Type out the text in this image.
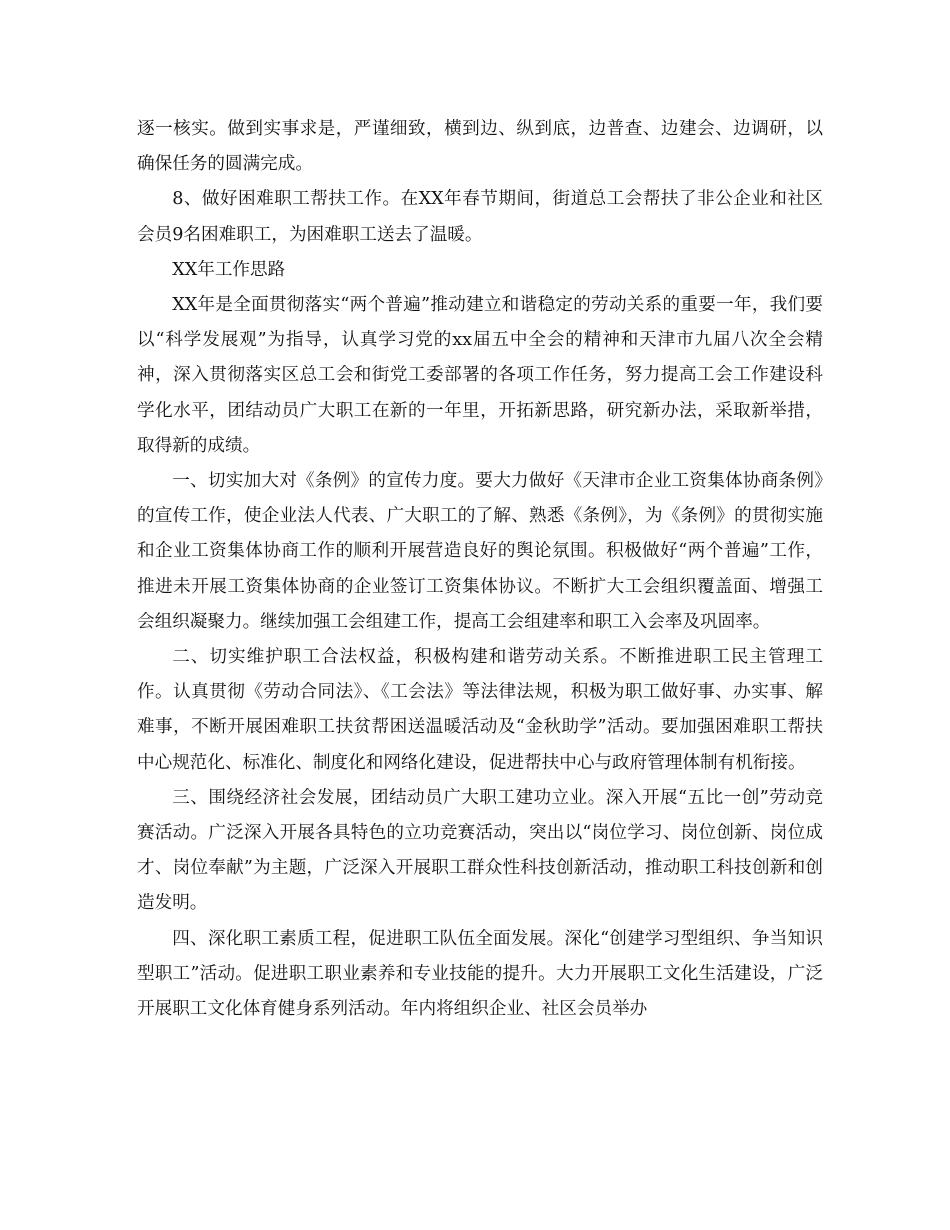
逐一核实。做到实事求是，严谨细致，横到边、纵到底，边普查、边建会、边调研，以确保任务的圆满完成。

8、做好困难职工帮扶工作。在XX年春节期间，街道总工会帮扶了非公企业和社区会员9名困难职工，为困难职工送去了温暖。

XX年工作思路

XX年是全面贯彻落实“两个普遍”推动建立和谐稳定的劳动关系的重要一年，我们要以“科学发展观”为指导，认真学习党的xx届五中全会的精神和天津市九届八次全会精神，深入贯彻落实区总工会和街党工委部署的各项工作任务，努力提高工会工作建设科学化水平，团结动员广大职工在新的一年里，开拓新思路，研究新办法，采取新举措，取得新的成绩。

一、切实加大对《条例》的宣传力度。要大力做好《天津市企业工资集体协商条例》的宣传工作，使企业法人代表、广大职工的了解、熟悉《条例》，为《条例》的贯彻实施和企业工资集体协商工作的顺利开展营造良好的舆论氛围。积极做好“两个普遍”工作，推进未开展工资集体协商的企业签订工资集体协议。不断扩大工会组织覆盖面、增强工会组织凝聚力。继续加强工会组建工作，提高工会组建率和职工入会率及巩固率。

二、切实维护职工合法权益，积极构建和谐劳动关系。不断推进职工民主管理工作。认真贯彻《劳动合同法》、《工会法》等法律法规，积极为职工做好事、办实事、解难事，不断开展困难职工扶贫帮困送温暖活动及“金秋助学”活动。要加强困难职工帮扶中心规范化、标准化、制度化和网络化建设，促进帮扶中心与政府管理体制有机衔接。

三、围绕经济社会发展，团结动员广大职工建功立业。深入开展“五比一创”劳动竞赛活动。广泛深入开展各具特色的立功竞赛活动，突出以“岗位学习、岗位创新、岗位成才、岗位奉献”为主题，广泛深入开展职工群众性科技创新活动，推动职工科技创新和创造发明。

四、深化职工素质工程，促进职工队伍全面发展。深化“创建学习型组织、争当知识型职工”活动。促进职工职业素养和专业技能的提升。大力开展职工文化生活建设，广泛开展职工文化体育健身系列活动。年内将组织企业、社区会员举办
